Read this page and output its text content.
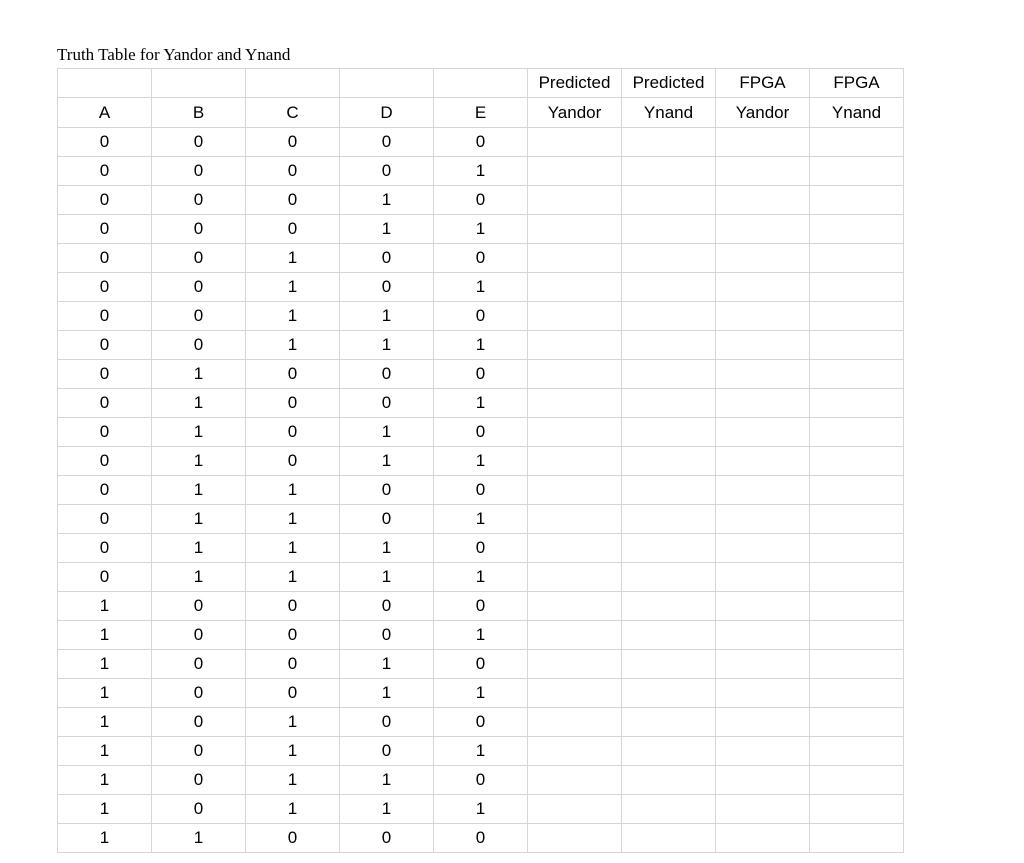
Truth Table for Yandor and Ynand
					Predicted	Predicted	FPGA	FPGA
A	B	C	D	E	Yandor	Ynand	Yandor	Ynand
0	0	0	0	0				
0	0	0	0	1				
0	0	0	1	0				
0	0	0	1	1				
0	0	1	0	0				
0	0	1	0	1				
0	0	1	1	0				
0	0	1	1	1				
0	1	0	0	0				
0	1	0	0	1				
0	1	0	1	0				
0	1	0	1	1				
0	1	1	0	0				
0	1	1	0	1				
0	1	1	1	0				
0	1	1	1	1				
1	0	0	0	0				
1	0	0	0	1				
1	0	0	1	0				
1	0	0	1	1				
1	0	1	0	0				
1	0	1	0	1				
1	0	1	1	0				
1	0	1	1	1				
1	1	0	0	0				
